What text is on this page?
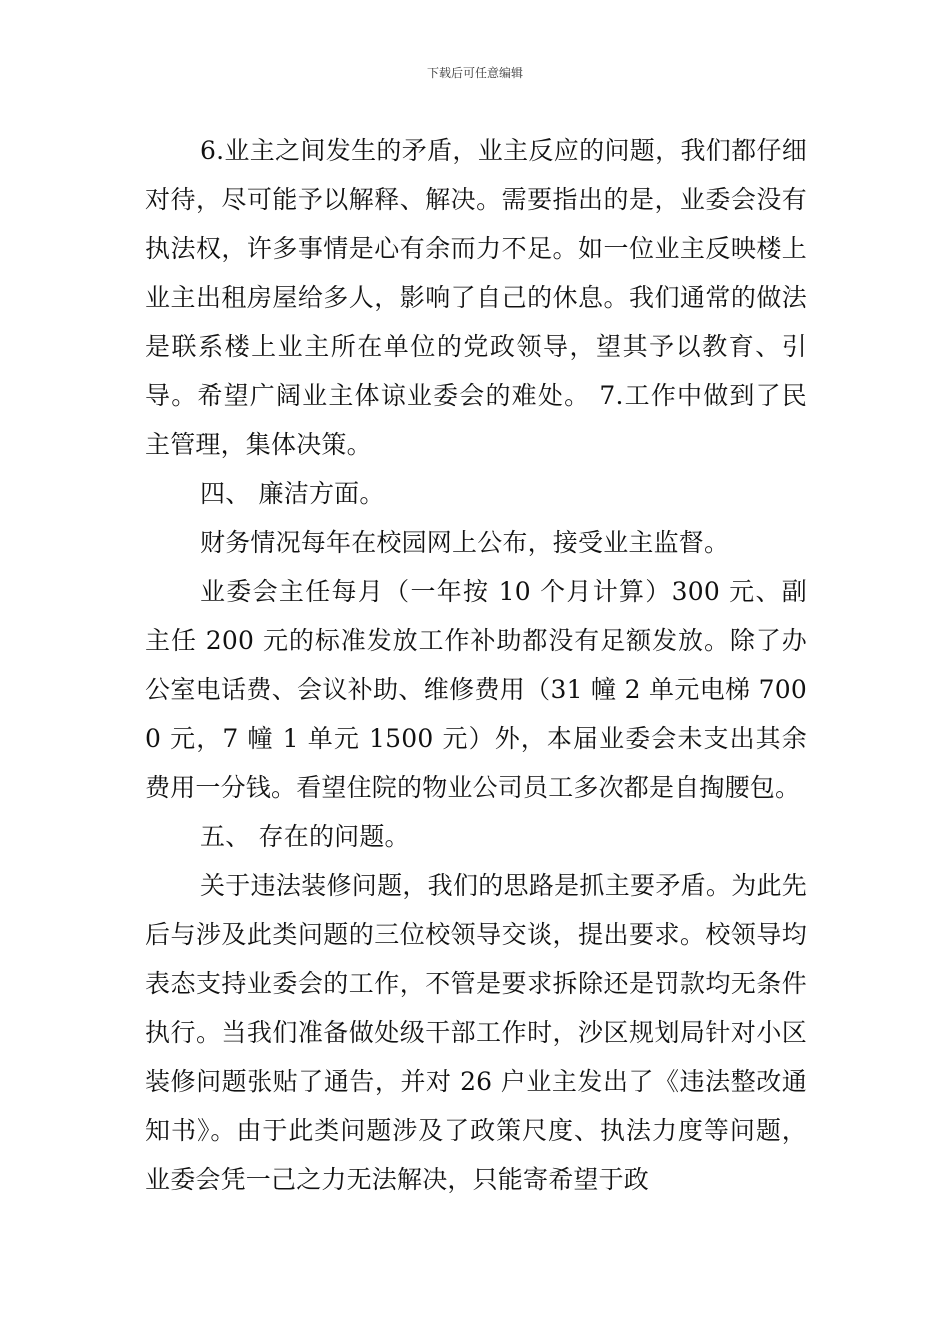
下载后可任意编辑

6.业主之间发生的矛盾，业主反应的问题，我们都仔细对待，尽可能予以解释、解决。需要指出的是，业委会没有执法权，许多事情是心有余而力不足。如一位业主反映楼上业主出租房屋给多人，影响了自己的休息。我们通常的做法是联系楼上业主所在单位的党政领导，望其予以教育、引导。希望广阔业主体谅业委会的难处。 7.工作中做到了民主管理，集体决策。

四、 廉洁方面。

财务情况每年在校园网上公布，接受业主监督。

业委会主任每月（一年按 10 个月计算）300 元、副主任 200 元的标准发放工作补助都没有足额发放。除了办公室电话费、会议补助、维修费用（31 幢 2 单元电梯 7000 元，7 幢 1 单元 1500 元）外，本届业委会未支出其余费用一分钱。看望住院的物业公司员工多次都是自掏腰包。

五、 存在的问题。

关于违法装修问题，我们的思路是抓主要矛盾。为此先后与涉及此类问题的三位校领导交谈，提出要求。校领导均表态支持业委会的工作，不管是要求拆除还是罚款均无条件执行。当我们准备做处级干部工作时，沙区规划局针对小区装修问题张贴了通告，并对 26 户业主发出了《违法整改通知书》。由于此类问题涉及了政策尺度、执法力度等问题，业委会凭一己之力无法解决，只能寄希望于政
